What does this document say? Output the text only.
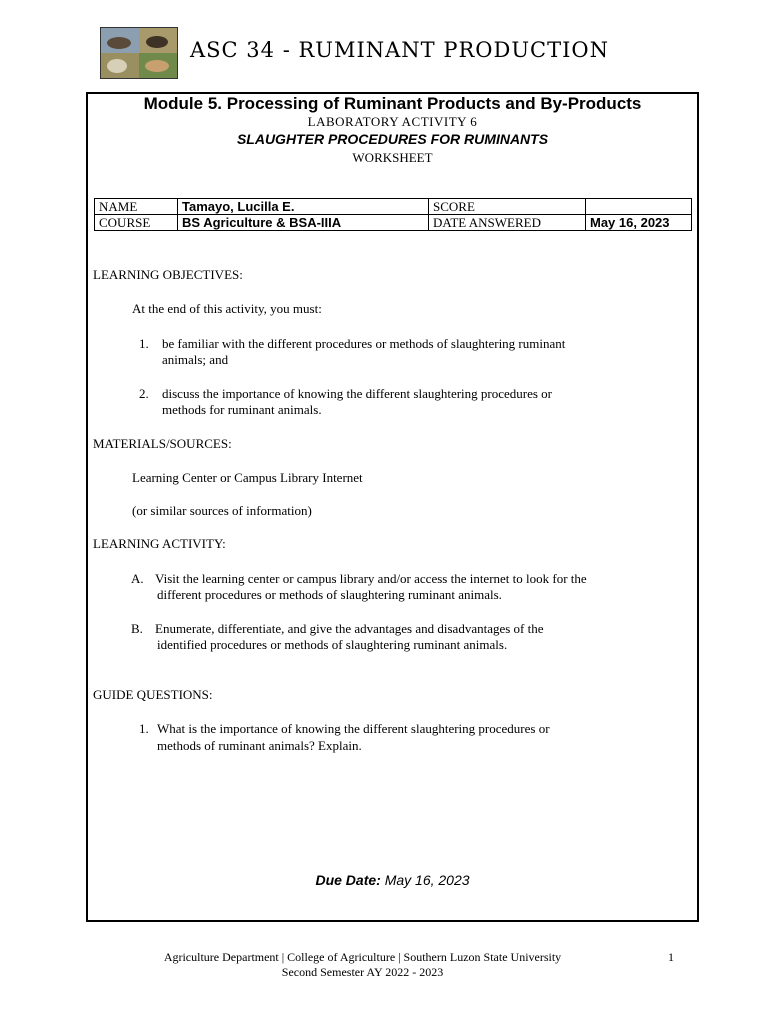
ASC 34 - RUMINANT PRODUCTION
Module 5. Processing of Ruminant Products and By-Products
LABORATORY ACTIVITY 6
SLAUGHTER PROCEDURES FOR RUMINANTS
WORKSHEET
NAME	Tamayo, Lucilla E.	SCORE	
COURSE	BS Agriculture & BSA-IIIA	DATE ANSWERED	May 16, 2023
LEARNING OBJECTIVES:
At the end of this activity, you must:
1. be familiar with the different procedures or methods of slaughtering ruminant
animals; and
2. discuss the importance of knowing the different slaughtering procedures or
methods for ruminant animals.
MATERIALS/SOURCES:
Learning Center or Campus Library Internet
(or similar sources of information)
LEARNING ACTIVITY:
A. Visit the learning center or campus library and/or access the internet to look for the
different procedures or methods of slaughtering ruminant animals.
B. Enumerate, differentiate, and give the advantages and disadvantages of the
identified procedures or methods of slaughtering ruminant animals.
GUIDE QUESTIONS:
1. What is the importance of knowing the different slaughtering procedures or
methods of ruminant animals? Explain.
Due Date: May 16, 2023
Agriculture Department | College of Agriculture | Southern Luzon State University
Second Semester AY 2022 - 2023
1
